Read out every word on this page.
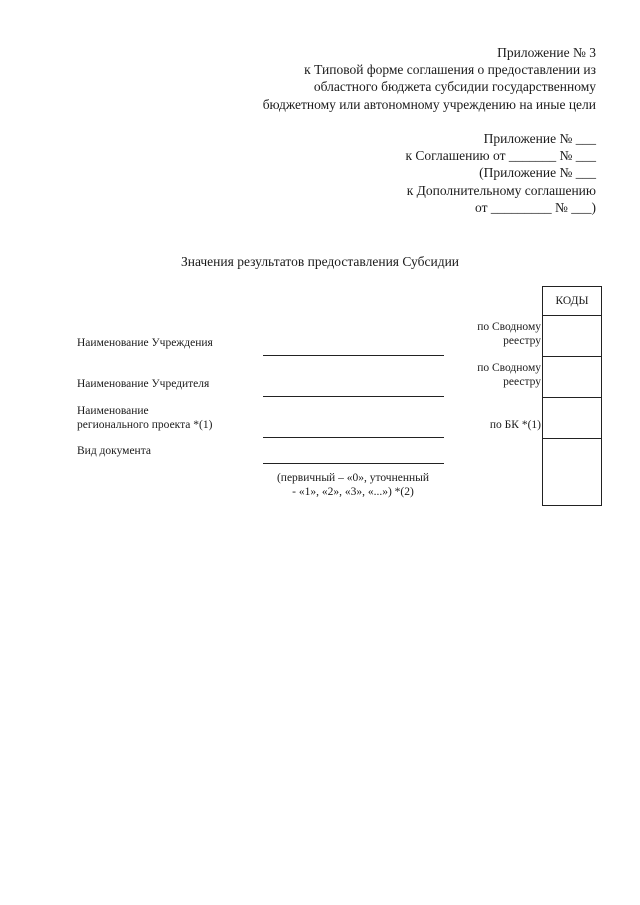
Приложение № 3
к Типовой форме соглашения о предоставлении из
областного бюджета субсидии государственному
бюджетному или автономному учреждению на иные цели
Приложение № ___
к Соглашению от _______ № ___
(Приложение № ___
к Дополнительному соглашению
от _________ № ___)
Значения результатов предоставления Субсидии
Наименование Учреждения
Наименование Учредителя
Наименование
регионального проекта *(1)
Вид документа
(первичный – «0», уточненный
- «1», «2», «3», «...») *(2)
по Сводному
реестру
по Сводному
реестру
по БК *(1)
КОДЫ
